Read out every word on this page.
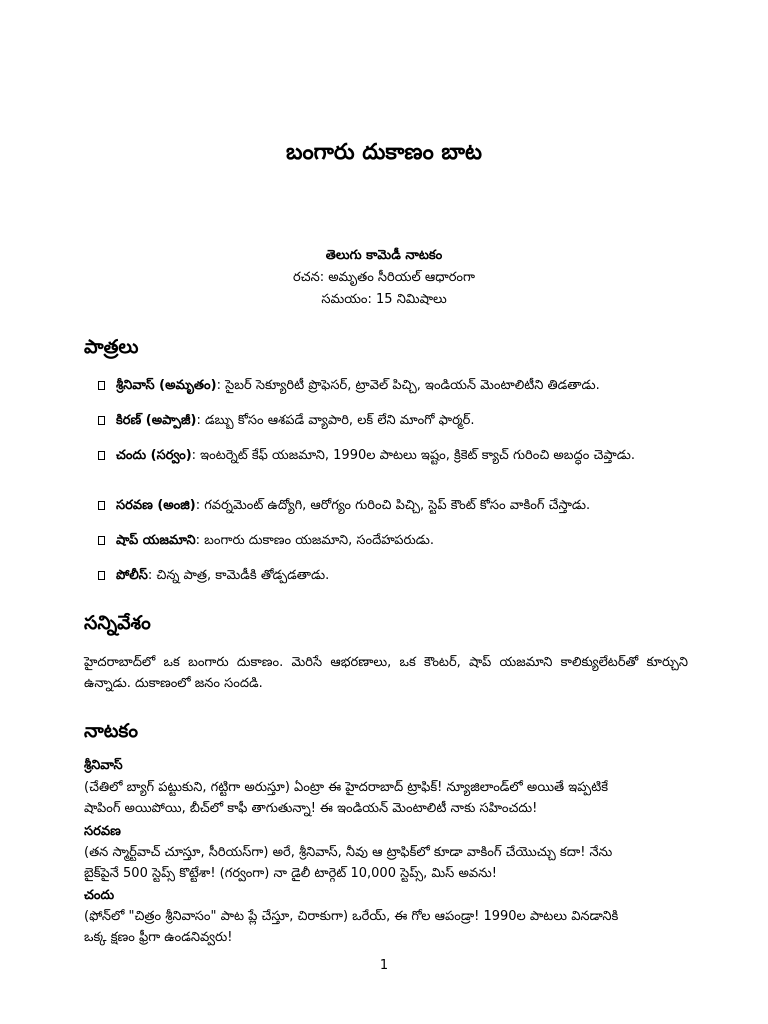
బంగారు దుకాణం బాట
తెలుగు కామెడీ నాటకం
రచన: అమృతం సీరియల్ ఆధారంగా
సమయం: 15 నిమిషాలు
పాత్రలు
శ్రీనివాస్ (అమృతం): సైబర్ సెక్యూరిటీ ప్రొఫెసర్, ట్రావెల్ పిచ్చి, ఇండియన్ మెంటాలిటీని తిడతాడు.
కిరణ్ (అప్పాజీ): డబ్బు కోసం ఆశపడే వ్యాపారి, లక్ లేని మాంగో ఫార్మర్.
చందు (సర్వం): ఇంటర్నెట్ కేఫ్ యజమాని, 1990ల పాటలు ఇష్టం, క్రికెట్ క్యాచ్ గురించి అబద్ధం చెప్తాడు.
సరవణ (అంజి): గవర్నమెంట్ ఉద్యోగి, ఆరోగ్యం గురించి పిచ్చి, స్టెప్ కౌంట్ కోసం వాకింగ్ చేస్తాడు.
షాప్ యజమాని: బంగారు దుకాణం యజమాని, సందేహపరుడు.
పోలీస్: చిన్న పాత్ర, కామెడీకి తోడ్పడతాడు.
సన్నివేశం
హైదరాబాద్‌లో ఒక బంగారు దుకాణం. మెరిసే ఆభరణాలు, ఒక కౌంటర్, షాప్ యజమాని కాలిక్యులేటర్‌తో కూర్చుని ఉన్నాడు. దుకాణంలో జనం సందడి.
నాటకం
శ్రీనివాస్
(చేతిలో బ్యాగ్ పట్టుకుని, గట్టిగా అరుస్తూ) ఏంట్రా ఈ హైదరాబాద్ ట్రాఫిక్! న్యూజిలాండ్‌లో అయితే ఇప్పటికే
షాపింగ్ అయిపోయి, బీచ్‌లో కాఫీ తాగుతున్నా! ఈ ఇండియన్ మెంటాలిటీ నాకు సహించదు!
సరవణ
(తన స్మార్ట్‌వాచ్ చూస్తూ, సీరియస్‌గా) అరే, శ్రీనివాస్, నీవు ఆ ట్రాఫిక్‌లో కూడా వాకింగ్ చేయొచ్చు కదా! నేను
బైక్‌పైనే 500 స్టెప్స్ కొట్టేశా! (గర్వంగా) నా డైలీ టార్గెట్ 10,000 స్టెప్స్, మిస్ అవను!
చందు
(ఫోన్‌లో "చిత్రం శ్రీనివాసం" పాట ప్లే చేస్తూ, చిరాకుగా) ఒరేయ్, ఈ గోల ఆపండ్రా! 1990ల పాటలు వినడానికి
ఒక్క క్షణం ఫ్రీగా ఉండనివ్వరు!
1
